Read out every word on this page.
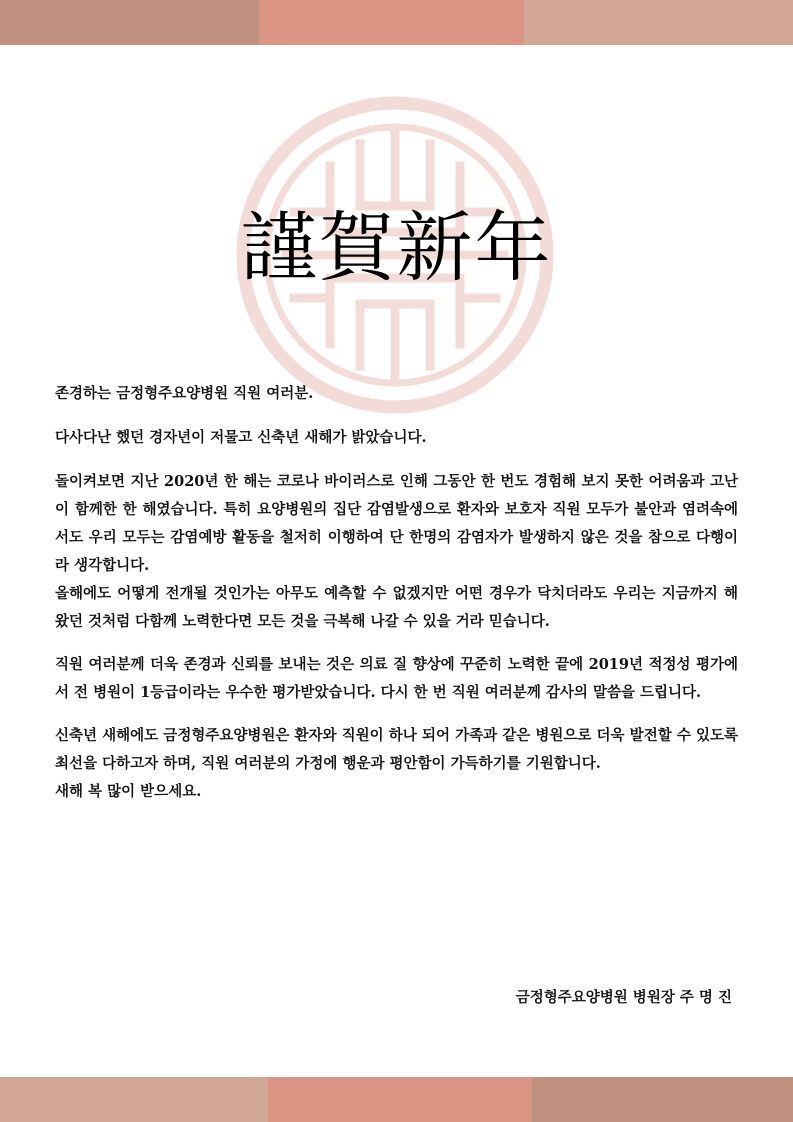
謹賀新年

존경하는 금정형주요양병원 직원 여러분.

다사다난 했던 경자년이 저물고 신축년 새해가 밝았습니다.

돌이켜보면 지난 2020년 한 해는 코로나 바이러스로 인해 그동안 한 번도 경험해 보지 못한 어려움과 고난이 함께한 한 해였습니다. 특히 요양병원의 집단 감염발생으로 환자와 보호자 직원 모두가 불안과 염려속에서도 우리 모두는 감염예방 활동을 철저히 이행하여 단 한명의 감염자가 발생하지 않은 것을 참으로 다행이라 생각합니다.

올해에도 어떻게 전개될 것인가는 아무도 예측할 수 없겠지만 어떤 경우가 닥치더라도 우리는 지금까지 해 왔던 것처럼 다함께 노력한다면 모든 것을 극복해 나갈 수 있을 거라 믿습니다.

직원 여러분께 더욱 존경과 신뢰를 보내는 것은 의료 질 향상에 꾸준히 노력한 끝에 2019년 적정성 평가에서 전 병원이 1등급이라는 우수한 평가받았습니다. 다시 한 번 직원 여러분께 감사의 말씀을 드립니다.

신축년 새해에도 금정형주요양병원은 환자와 직원이 하나 되어 가족과 같은 병원으로 더욱 발전할 수 있도록 최선을 다하고자 하며, 직원 여러분의 가정에 행운과 평안함이 가득하기를 기원합니다.

새해 복 많이 받으세요.

금정형주요양병원 병원장 주 명 진
